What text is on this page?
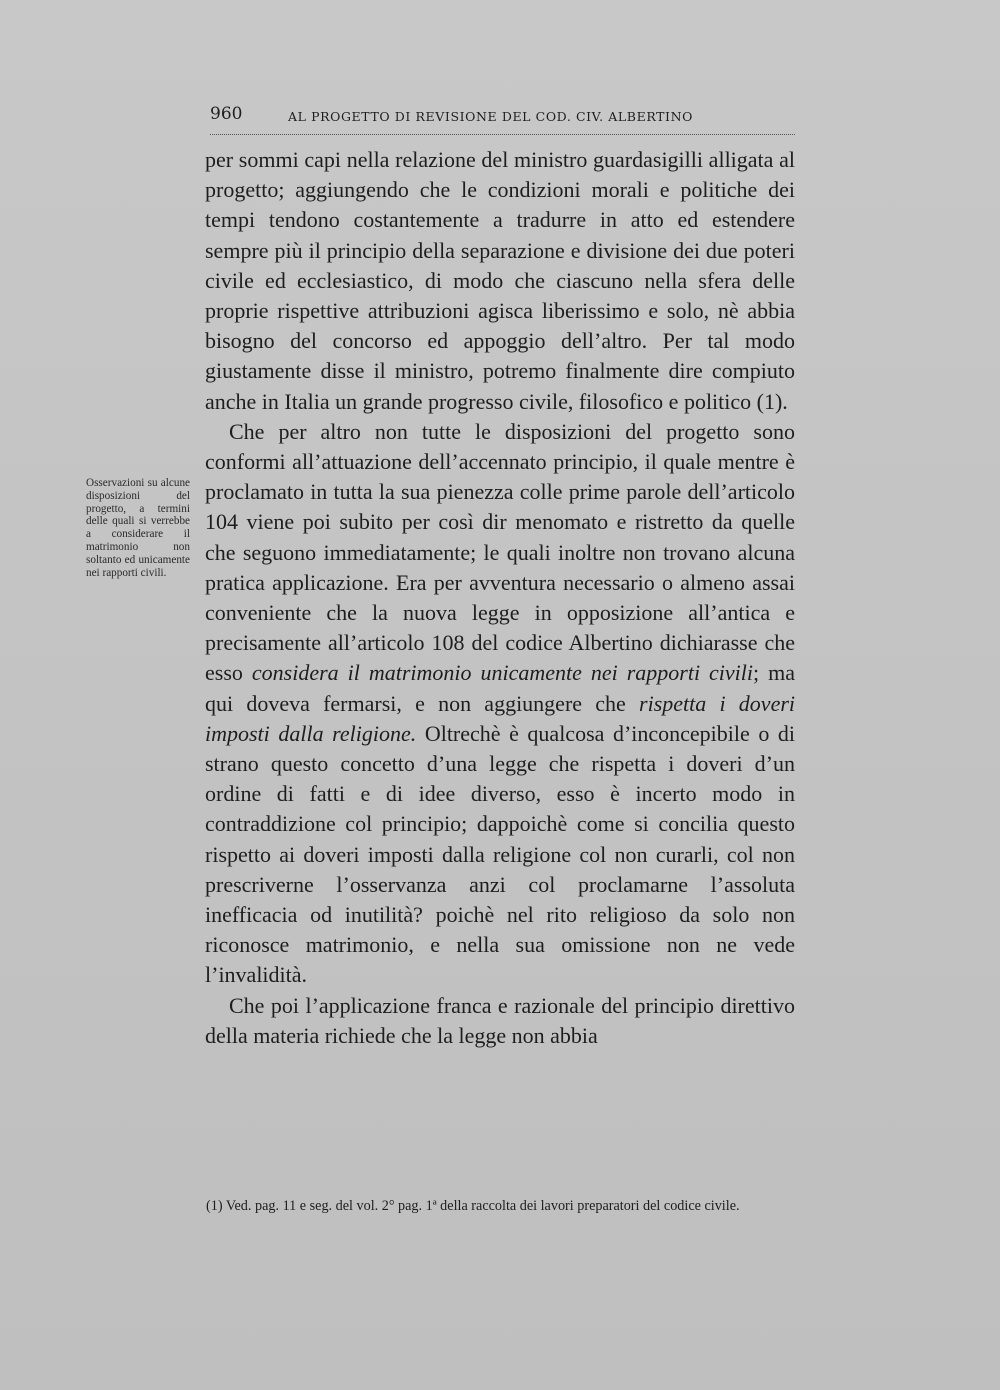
960	AL PROGETTO DI REVISIONE DEL COD. CIV. ALBERTINO
Osservazioni su alcune disposizioni del progetto, a termini delle quali si verrebbe a considerare il matrimonio non soltanto ed unicamente nei rapporti civili.

per sommi capi nella relazione del ministro guardasigilli alligata al progetto; aggiungendo che le condizioni morali e politiche dei tempi tendono costantemente a tradurre in atto ed estendere sempre più il principio della separazione e divisione dei due poteri civile ed ecclesiastico, di modo che ciascuno nella sfera delle proprie rispettive attribuzioni agisca liberissimo e solo, nè abbia bisogno del concorso ed appoggio dell’altro. Per tal modo giustamente disse il ministro, potremo finalmente dire compiuto anche in Italia un grande progresso civile, filosofico e politico (1).

Che per altro non tutte le disposizioni del progetto sono conformi all’attuazione dell’accennato principio, il quale mentre è proclamato in tutta la sua pienezza colle prime parole dell’articolo 104 viene poi subito per così dir menomato e ristretto da quelle che seguono immediatamente; le quali inoltre non trovano alcuna pratica applicazione. Era per avventura necessario o almeno assai conveniente che la nuova legge in opposizione all’antica e precisamente all’articolo 108 del codice Albertino dichiarasse che esso considera il matrimonio unicamente nei rapporti civili; ma qui doveva fermarsi, e non aggiungere che rispetta i doveri imposti dalla religione. Oltrechè è qualcosa d’inconcepibile o di strano questo concetto d’una legge che rispetta i doveri d’un ordine di fatti e di idee diverso, esso è incerto modo in contraddizione col principio; dappoichè come si concilia questo rispetto ai doveri imposti dalla religione col non curarli, col non prescriverne l’osservanza anzi col proclamarne l’assoluta inefficacia od inutilità? poichè nel rito religioso da solo non riconosce matrimonio, e nella sua omissione non ne vede l’invalidità.

Che poi l’applicazione franca e razionale del principio direttivo della materia richiede che la legge non abbia

(1) Ved. pag. 11 e seg. del vol. 2° pag. 1ª della raccolta dei lavori preparatori del codice civile.
